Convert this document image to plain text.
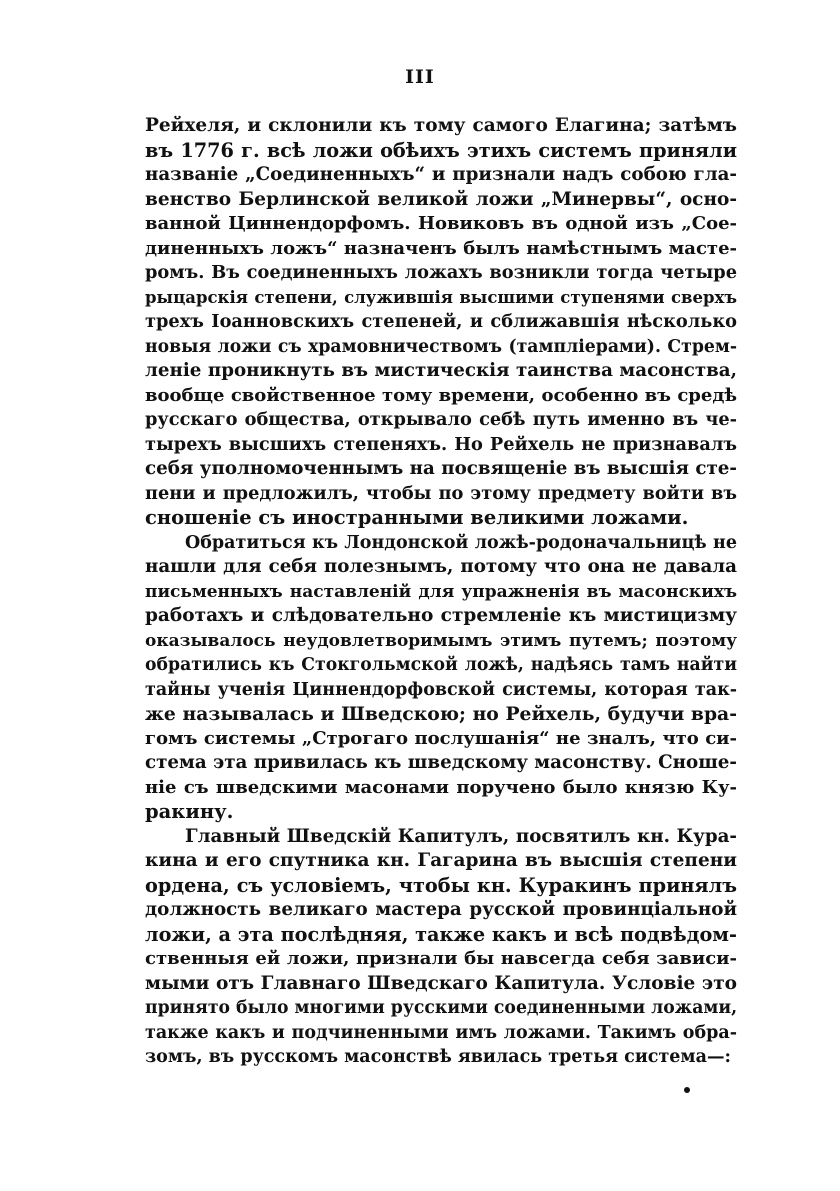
III
Рейхеля, и склонили къ тому самого Елагина; затѣмъ
въ 1776 г. всѣ ложи обѣихъ этихъ системъ приняли
названіе „Соединенныхъ“ и признали надъ собою гла-
венство Берлинской великой ложи „Минервы“, осно-
ванной Циннендорфомъ. Новиковъ въ одной изъ „Сое-
диненныхъ ложъ“ назначенъ былъ намѣстнымъ масте-
ромъ. Въ соединенныхъ ложахъ возникли тогда четыре
рыцарскія степени, служившія высшими ступенями сверхъ
трехъ Іоанновскихъ степеней, и сближавшія нѣсколько
новыя ложи съ храмовничествомъ (тампліерами). Стрем-
леніе проникнуть въ мистическія таинства масонства,
вообще свойственное тому времени, особенно въ средѣ
русскаго общества, открывало себѣ путь именно въ че-
тырехъ высшихъ степеняхъ. Но Рейхель не признавалъ
себя уполномоченнымъ на посвященіе въ высшія сте-
пени и предложилъ, чтобы по этому предмету войти въ
сношеніе съ иностранными великими ложами.
Обратиться къ Лондонской ложѣ-родоначальницѣ не
нашли для себя полезнымъ, потому что она не давала
письменныхъ наставленій для упражненія въ масонскихъ
работахъ и слѣдовательно стремленіе къ мистицизму
оказывалось неудовлетворимымъ этимъ путемъ; поэтому
обратились къ Стокгольмской ложѣ, надѣясь тамъ найти
тайны ученія Циннендорфовской системы, которая так-
же называлась и Шведскою; но Рейхель, будучи вра-
гомъ системы „Строгаго послушанія“ не зналъ, что си-
стема эта привилась къ шведскому масонству. Сноше-
ніе съ шведскими масонами поручено было князю Ку-
ракину.
Главный Шведскій Капитулъ, посвятилъ кн. Кура-
кина и его спутника кн. Гагарина въ высшія степени
ордена, съ условіемъ, чтобы кн. Куракинъ принялъ
должность великаго мастера русской провинціальной
ложи, а эта послѣдняя, также какъ и всѣ подвѣдом-
ственныя ей ложи, признали бы навсегда себя зависи-
мыми отъ Главнаго Шведскаго Капитула. Условіе это
принято было многими русскими соединенными ложами,
также какъ и подчиненными имъ ложами. Такимъ обра-
зомъ, въ русскомъ масонствѣ явилась третья система—:
